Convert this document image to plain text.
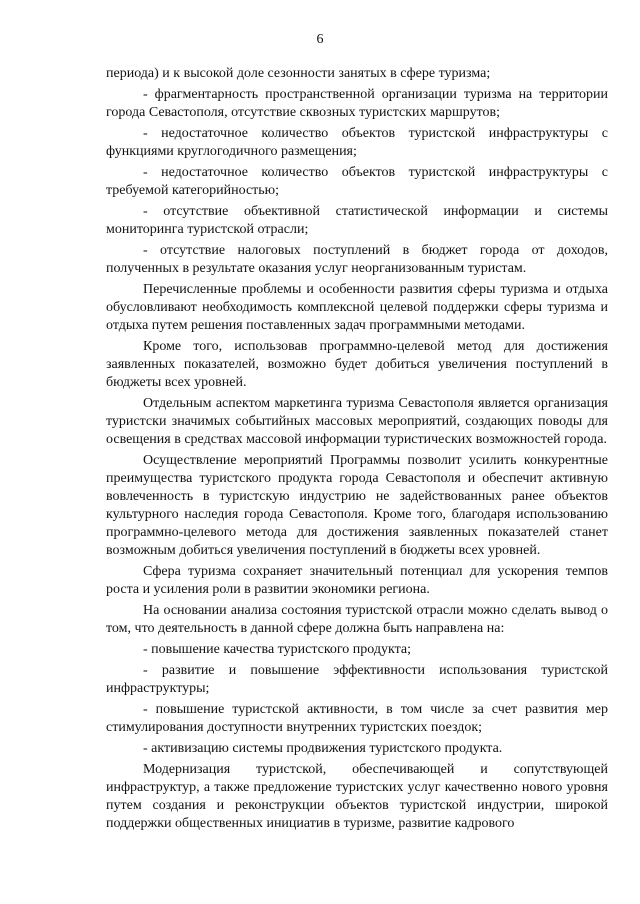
6

периода) и к высокой доле сезонности занятых в сфере туризма;

- фрагментарность пространственной организации туризма на территории города Севастополя, отсутствие сквозных туристских маршрутов;

- недостаточное количество объектов туристской инфраструктуры с функциями круглогодичного размещения;

- недостаточное количество объектов туристской инфраструктуры с требуемой категорийностью;

- отсутствие объективной статистической информации и системы мониторинга туристской отрасли;

- отсутствие налоговых поступлений в бюджет города от доходов, полученных в результате оказания услуг неорганизованным туристам.

Перечисленные проблемы и особенности развития сферы туризма и отдыха обусловливают необходимость комплексной целевой поддержки сферы туризма и отдыха путем решения поставленных задач программными методами.

Кроме того, использовав программно-целевой метод для достижения заявленных показателей, возможно будет добиться увеличения поступлений в бюджеты всех уровней.

Отдельным аспектом маркетинга туризма Севастополя является организация туристски значимых событийных массовых мероприятий, создающих поводы для освещения в средствах массовой информации туристических возможностей города.

Осуществление мероприятий Программы позволит усилить конкурентные преимущества туристского продукта города Севастополя и обеспечит активную вовлеченность в туристскую индустрию не задействованных ранее объектов культурного наследия города Севастополя. Кроме того, благодаря использованию программно-целевого метода для достижения заявленных показателей станет возможным добиться увеличения поступлений в бюджеты всех уровней.

Сфера туризма сохраняет значительный потенциал для ускорения темпов роста и усиления роли в развитии экономики региона.

На основании анализа состояния туристской отрасли можно сделать вывод о том, что деятельность в данной сфере должна быть направлена на:

- повышение качества туристского продукта;

- развитие и повышение эффективности использования туристской инфраструктуры;

- повышение туристской активности, в том числе за счет развития мер стимулирования доступности внутренних туристских поездок;

- активизацию системы продвижения туристского продукта.

Модернизация туристской, обеспечивающей и сопутствующей инфраструктур, а также предложение туристских услуг качественно нового уровня путем создания и реконструкции объектов туристской индустрии, широкой поддержки общественных инициатив в туризме, развитие кадрового
